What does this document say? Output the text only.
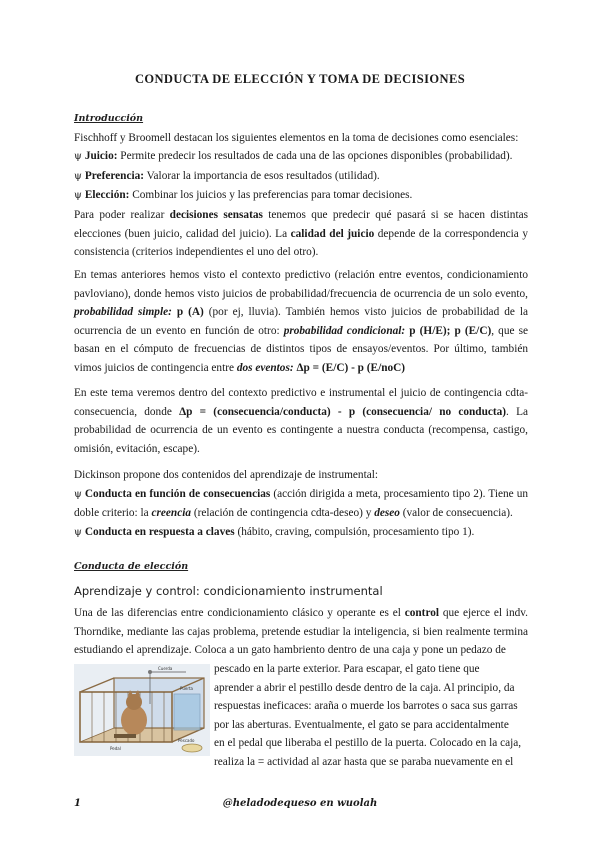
CONDUCTA DE ELECCIÓN Y TOMA DE DECISIONES
Introducción
Fischhoff y Broomell destacan los siguientes elementos en la toma de decisiones como esenciales:
ψ Juicio: Permite predecir los resultados de cada una de las opciones disponibles (probabilidad).
ψ Preferencia: Valorar la importancia de esos resultados (utilidad).
ψ Elección: Combinar los juicios y las preferencias para tomar decisiones.
Para poder realizar decisiones sensatas tenemos que predecir qué pasará si se hacen distintas elecciones (buen juicio, calidad del juicio). La calidad del juicio depende de la correspondencia y consistencia (criterios independientes el uno del otro).
En temas anteriores hemos visto el contexto predictivo (relación entre eventos, condicionamiento pavloviano), donde hemos visto juicios de probabilidad/frecuencia de ocurrencia de un solo evento, probabilidad simple: p (A) (por ej, lluvia). También hemos visto juicios de probabilidad de la ocurrencia de un evento en función de otro: probabilidad condicional: p (H/E); p (E/C), que se basan en el cómputo de frecuencias de distintos tipos de ensayos/eventos. Por último, también vimos juicios de contingencia entre dos eventos: Δp = (E/C) - p (E/noC)
En este tema veremos dentro del contexto predictivo e instrumental el juicio de contingencia cdta-consecuencia, donde Δp = (consecuencia/conducta) - p (consecuencia/ no conducta). La probabilidad de ocurrencia de un evento es contingente a nuestra conducta (recompensa, castigo, omisión, evitación, escape).
Dickinson propone dos contenidos del aprendizaje de instrumental:
ψ Conducta en función de consecuencias (acción dirigida a meta, procesamiento tipo 2). Tiene un doble criterio: la creencia (relación de contingencia cdta-deseo) y deseo (valor de consecuencia).
ψ Conducta en respuesta a claves (hábito, craving, compulsión, procesamiento tipo 1).
Conducta de elección
Aprendizaje y control: condicionamiento instrumental
Una de las diferencias entre condicionamiento clásico y operante es el control que ejerce el indv. Thorndike, mediante las cajas problema, pretende estudiar la inteligencia, si bien realmente termina estudiando el aprendizaje. Coloca a un gato hambriento dentro de una caja y pone un pedazo de
Cuerda
Puerta
Pedal
Pescado
pescado en la parte exterior. Para escapar, el gato tiene que
aprender a abrir el pestillo desde dentro de la caja. Al principio, da
respuestas ineficaces: araña o muerde los barrotes o saca sus garras
por las aberturas. Eventualmente, el gato se para accidentalmente
en el pedal que liberaba el pestillo de la puerta. Colocado en la caja,
realiza la = actividad al azar hasta que se paraba nuevamente en el
1	@heladodequeso en wuolah
